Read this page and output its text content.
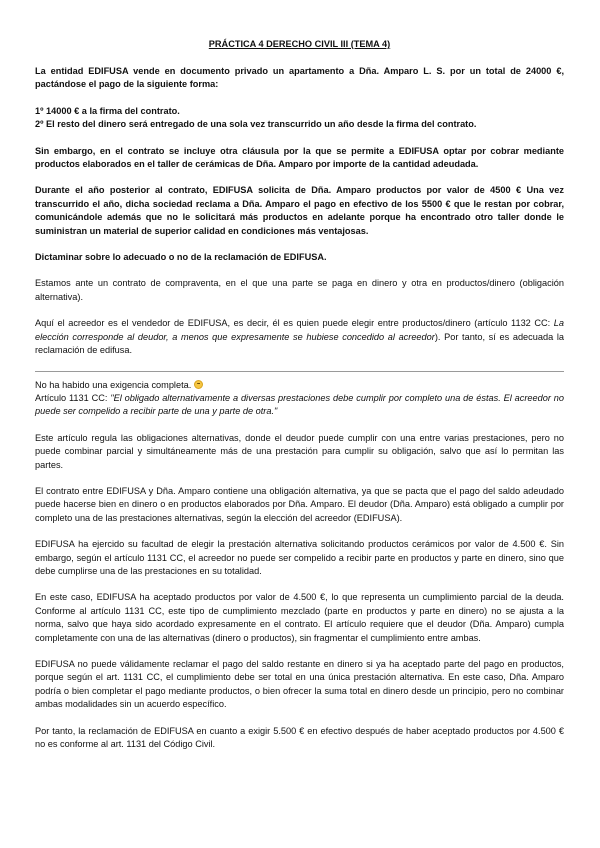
PRÁCTICA 4 DERECHO CIVIL III (TEMA 4)
La entidad EDIFUSA vende en documento privado un apartamento a Dña. Amparo L. S. por un total de 24000 €, pactándose el pago de la siguiente forma:
1º 14000 € a la firma del contrato.
2º El resto del dinero será entregado de una sola vez transcurrido un año desde la firma del contrato.
Sin embargo, en el contrato se incluye otra cláusula por la que se permite a EDIFUSA optar por cobrar mediante productos elaborados en el taller de cerámicas de Dña. Amparo por importe de la cantidad adeudada.
Durante el año posterior al contrato, EDIFUSA solicita de Dña. Amparo productos por valor de 4500 € Una vez transcurrido el año, dicha sociedad reclama a Dña. Amparo el pago en efectivo de los 5500 € que le restan por cobrar, comunicándole además que no le solicitará más productos en adelante porque ha encontrado otro taller donde le suministran un material de superior calidad en condiciones más ventajosas.
Dictaminar sobre lo adecuado o no de la reclamación de EDIFUSA.
Estamos ante un contrato de compraventa, en el que una parte se paga en dinero y otra en productos/dinero (obligación alternativa).
Aquí el acreedor es el vendedor de EDIFUSA, es decir, él es quien puede elegir entre productos/dinero (artículo 1132 CC: La elección corresponde al deudor, a menos que expresamente se hubiese concedido al acreedor). Por tanto, sí es adecuada la reclamación de edifusa.
No ha habido una exigencia completa.
Artículo 1131 CC: "El obligado alternativamente a diversas prestaciones debe cumplir por completo una de éstas. El acreedor no puede ser compelido a recibir parte de una y parte de otra."
Este artículo regula las obligaciones alternativas, donde el deudor puede cumplir con una entre varias prestaciones, pero no puede combinar parcial y simultáneamente más de una prestación para cumplir su obligación, salvo que así lo permitan las partes.
El contrato entre EDIFUSA y Dña. Amparo contiene una obligación alternativa, ya que se pacta que el pago del saldo adeudado puede hacerse bien en dinero o en productos elaborados por Dña. Amparo. El deudor (Dña. Amparo) está obligado a cumplir por completo una de las prestaciones alternativas, según la elección del acreedor (EDIFUSA).
EDIFUSA ha ejercido su facultad de elegir la prestación alternativa solicitando productos cerámicos por valor de 4.500 €. Sin embargo, según el artículo 1131 CC, el acreedor no puede ser compelido a recibir parte en productos y parte en dinero, sino que debe cumplirse una de las prestaciones en su totalidad.
En este caso, EDIFUSA ha aceptado productos por valor de 4.500 €, lo que representa un cumplimiento parcial de la deuda. Conforme al artículo 1131 CC, este tipo de cumplimiento mezclado (parte en productos y parte en dinero) no se ajusta a la norma, salvo que haya sido acordado expresamente en el contrato. El artículo requiere que el deudor (Dña. Amparo) cumpla completamente con una de las alternativas (dinero o productos), sin fragmentar el cumplimiento entre ambas.
EDIFUSA no puede válidamente reclamar el pago del saldo restante en dinero si ya ha aceptado parte del pago en productos, porque según el art. 1131 CC, el cumplimiento debe ser total en una única prestación alternativa. En este caso, Dña. Amparo podría o bien completar el pago mediante productos, o bien ofrecer la suma total en dinero desde un principio, pero no combinar ambas modalidades sin un acuerdo específico.
Por tanto, la reclamación de EDIFUSA en cuanto a exigir 5.500 € en efectivo después de haber aceptado productos por 4.500 € no es conforme al art. 1131 del Código Civil.
